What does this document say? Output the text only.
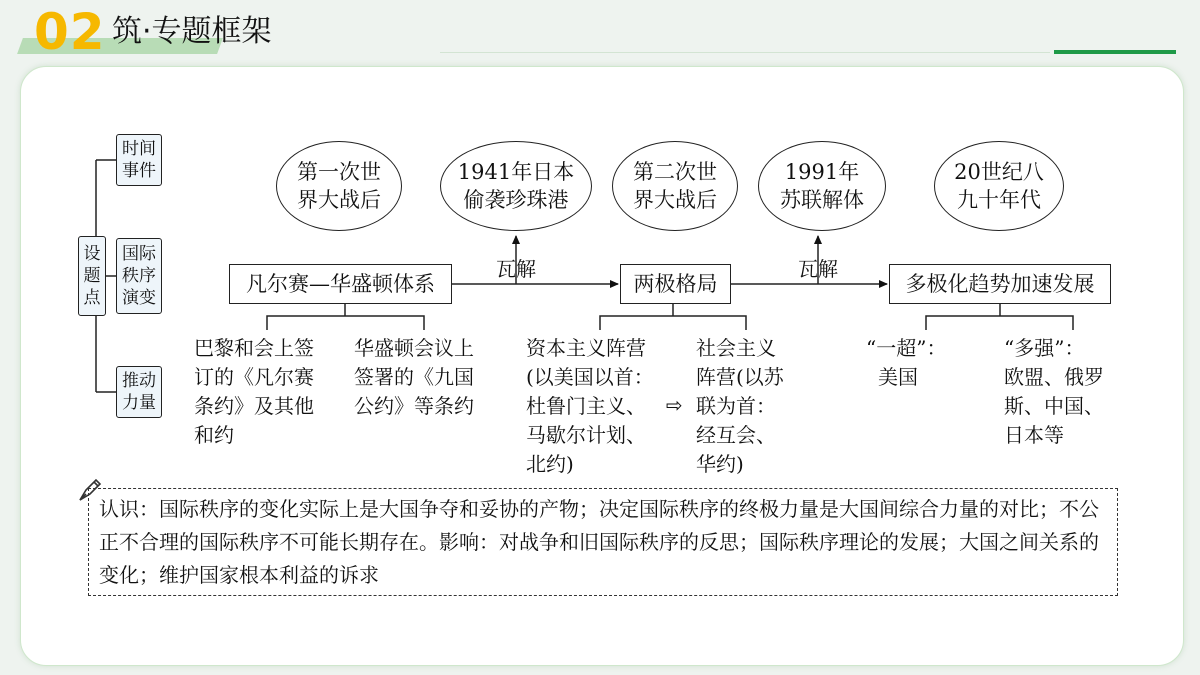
02 筑·专题框架
设
题
点
时间
事件
国际
秩序
演变
推动
力量
第一次世
界大战后
1941年日本
偷袭珍珠港
第二次世
界大战后
1991年
苏联解体
20世纪八
九十年代
凡尔赛—华盛顿体系	两极格局	多极化趋势加速发展
瓦解	瓦解
巴黎和会上签
订的《凡尔赛
条约》及其他
和约
华盛顿会议上
签署的《九国
公约》等条约
资本主义阵营
(以美国以首：
杜鲁门主义、
马歇尔计划、
北约)
⇨
社会主义
阵营(以苏
联为首：
经互会、
华约)
“一超”：
美国
“多强”：
欧盟、俄罗
斯、中国、
日本等
认识：国际秩序的变化实际上是大国争夺和妥协的产物；决定国际秩序的终极力量是大国间综合力量的对比；不公正不合理的国际秩序不可能长期存在。影响：对战争和旧国际秩序的反思；国际秩序理论的发展；大国之间关系的变化；维护国家根本利益的诉求
